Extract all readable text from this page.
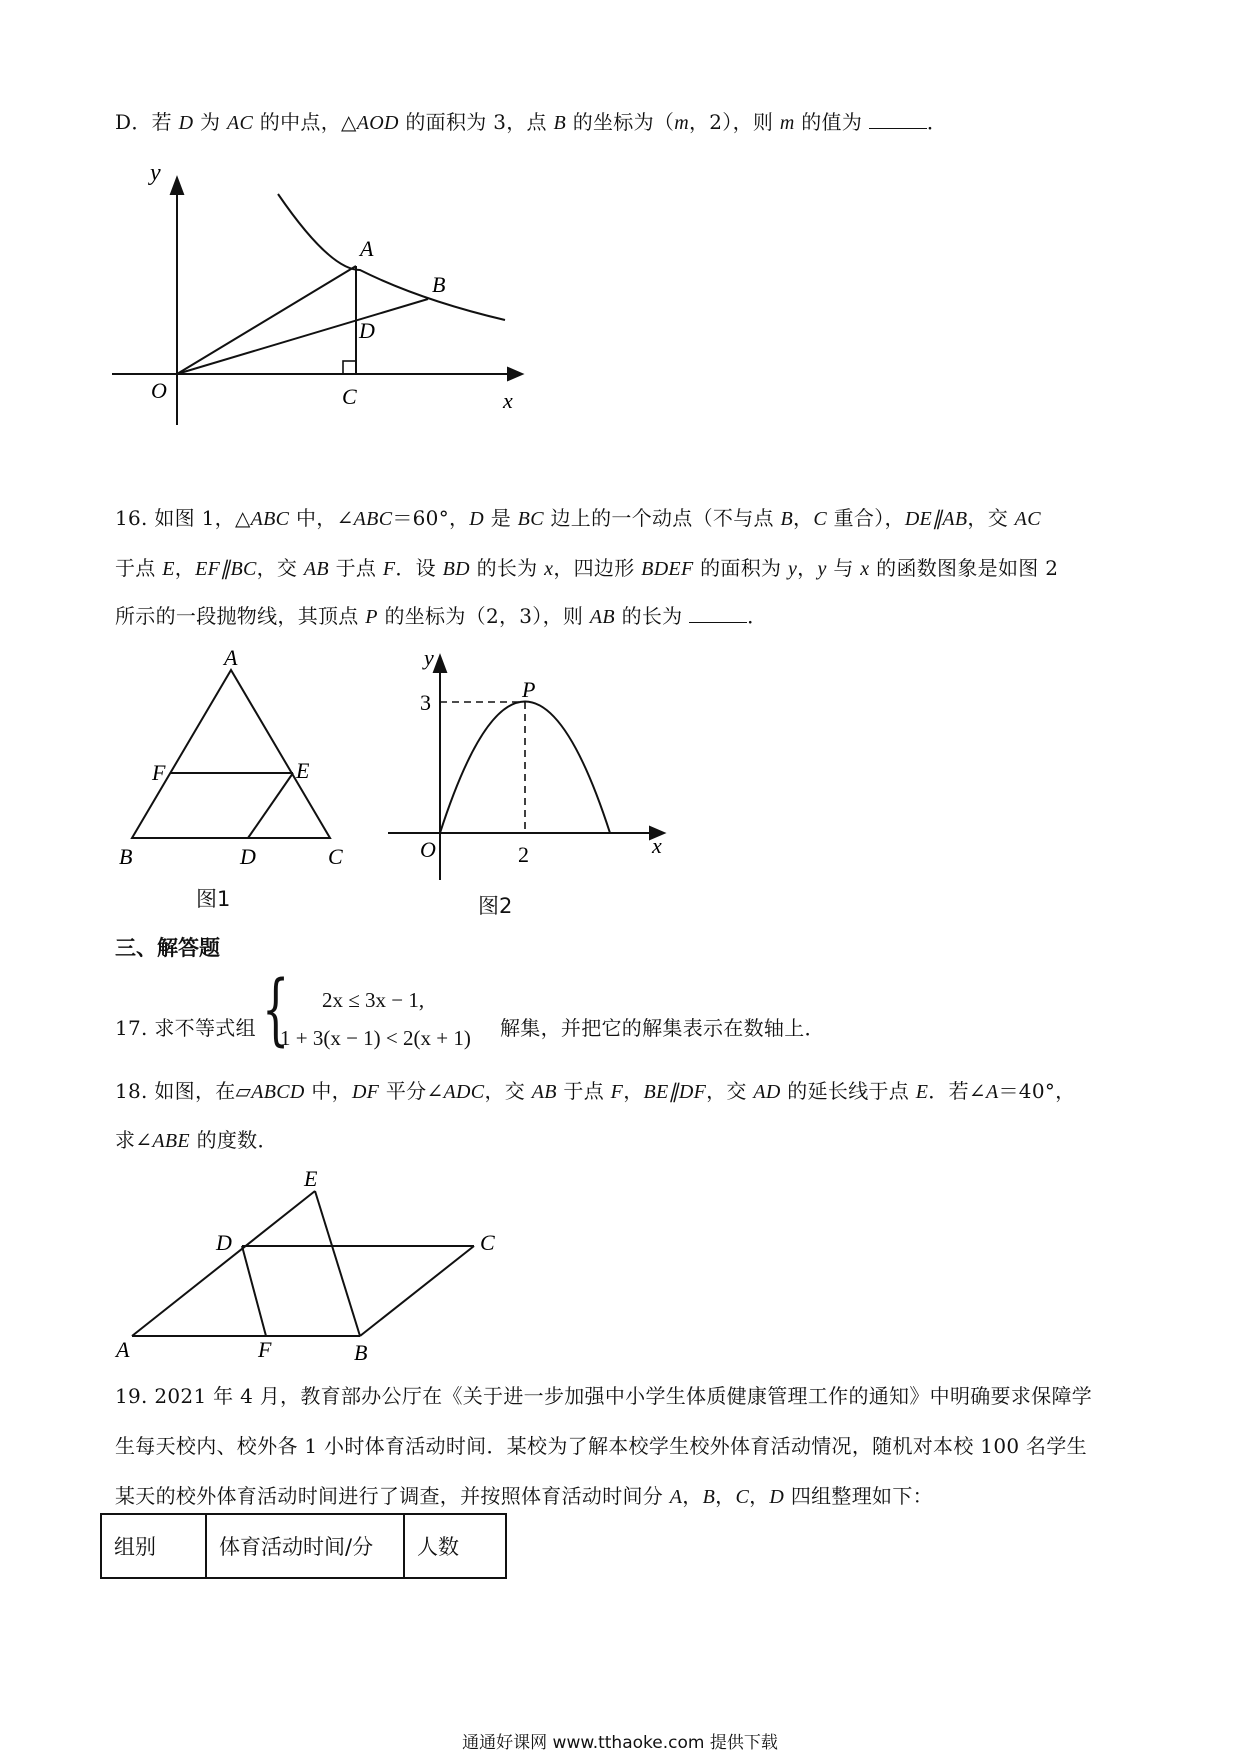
D．若 D 为 AC 的中点，△AOD 的面积为 3，点 B 的坐标为（m，2），则 m 的值为	．
y
x
O
A
B
D
C
16. 如图 1，△ABC 中，∠ABC＝60°，D 是 BC 边上的一个动点（不与点 B，C 重合），DE∥AB，交 AC
于点 E，EF∥BC，交 AB 于点 F．设 BD 的长为 x，四边形 BDEF 的面积为 y，y 与 x 的函数图象是如图 2
所示的一段抛物线，其顶点 P 的坐标为（2，3），则 AB 的长为	．
A
F	E
B	D	C
图1
y
P
3
O	2	x
图2
三、解答题
17. 求不等式组 { 2x ≤ 3x − 1,
1 + 3(x − 1) < 2(x + 1) 解集，并把它的解集表示在数轴上．
18. 如图，在▱ABCD 中，DF 平分∠ADC，交 AB 于点 F，BE∥DF，交 AD 的延长线于点 E．若∠A＝40°，
求∠ABE 的度数．
E
D	C
A	F	B
19. 2021 年 4 月，教育部办公厅在《关于进一步加强中小学生体质健康管理工作的通知》中明确要求保障学
生每天校内、校外各 1 小时体育活动时间．某校为了解本校学生校外体育活动情况，随机对本校 100 名学生
某天的校外体育活动时间进行了调查，并按照体育活动时间分 A，B，C，D 四组整理如下：
组别	体育活动时间/分	人数
通通好课网 www.tthaoke.com 提供下载
